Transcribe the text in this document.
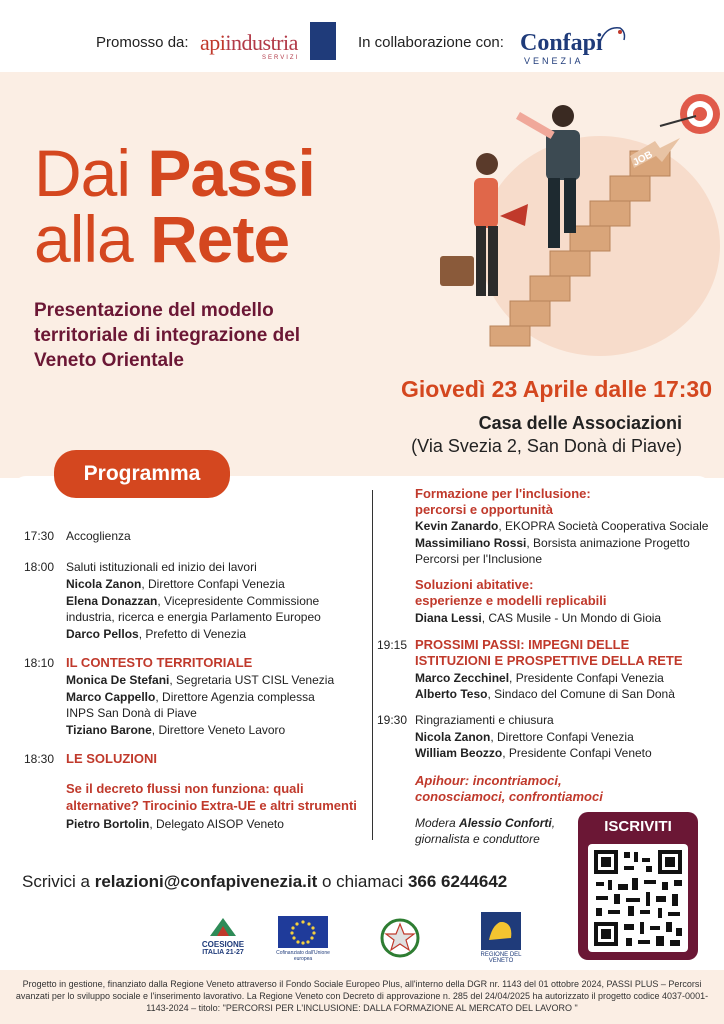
Promosso da: apiindustria
SERVIZI
In collaborazione con: Confapi
VENEZIA
Dai Passi
alla Rete
Presentazione del modello territoriale di integrazione del Veneto Orientale
JOB
Giovedì 23 Aprile dalle 17:30
Casa delle Associazioni
(Via Svezia 2, San Donà di Piave)
Programma
17:30 Accoglienza
18:00 Saluti istituzionali ed inizio dei lavori
Nicola Zanon, Direttore Confapi Venezia
Elena Donazzan, Vicepresidente Commissione
industria, ricerca e energia Parlamento Europeo
Darco Pellos, Prefetto di Venezia
18:10 IL CONTESTO TERRITORIALE
Monica De Stefani, Segretaria UST CISL Venezia
Marco Cappello, Direttore Agenzia complessa
INPS San Donà di Piave
Tiziano Barone, Direttore Veneto Lavoro
18:30 LE SOLUZIONI
Se il decreto flussi non funziona: quali
alternative? Tirocinio Extra-UE e altri strumenti
Pietro Bortolin, Delegato AISOP Veneto
Formazione per l'inclusione:
percorsi e opportunità
Kevin Zanardo, EKOPRA Società Cooperativa Sociale
Massimiliano Rossi, Borsista animazione Progetto
Percorsi per l'Inclusione
Soluzioni abitative:
esperienze e modelli replicabili
Diana Lessi, CAS Musile - Un Mondo di Gioia
19:15 PROSSIMI PASSI: IMPEGNI DELLE
ISTITUZIONI E PROSPETTIVE DELLA RETE
Marco Zecchinel, Presidente Confapi Venezia
Alberto Teso, Sindaco del Comune di San Donà
19:30 Ringraziamenti e chiusura
Nicola Zanon, Direttore Confapi Venezia
William Beozzo, Presidente Confapi Veneto
Apihour: incontriamoci,
conosciamoci, confrontiamoci
Modera Alessio Conforti,
giornalista e conduttore
ISCRIVITI
Scrivici a relazioni@confapivenezia.it o chiamaci 366 6244642
COESIONE
ITALIA 21-27	Cofinanziato dall'Unione europea
REGIONE DEL VENETO
Progetto in gestione, finanziato dalla Regione Veneto attraverso il Fondo Sociale Europeo Plus, all'interno della DGR nr. 1143 del 01 ottobre 2024, PASSI PLUS – Percorsi avanzati per lo sviluppo sociale e l'inserimento lavorativo. La Regione Veneto con Decreto di approvazione n. 285 del 24/04/2025 ha autorizzato il progetto codice 4037-0001-1143-2024 – titolo: "PERCORSI PER L'INCLUSIONE: DALLA FORMAZIONE AL MERCATO DEL LAVORO "
